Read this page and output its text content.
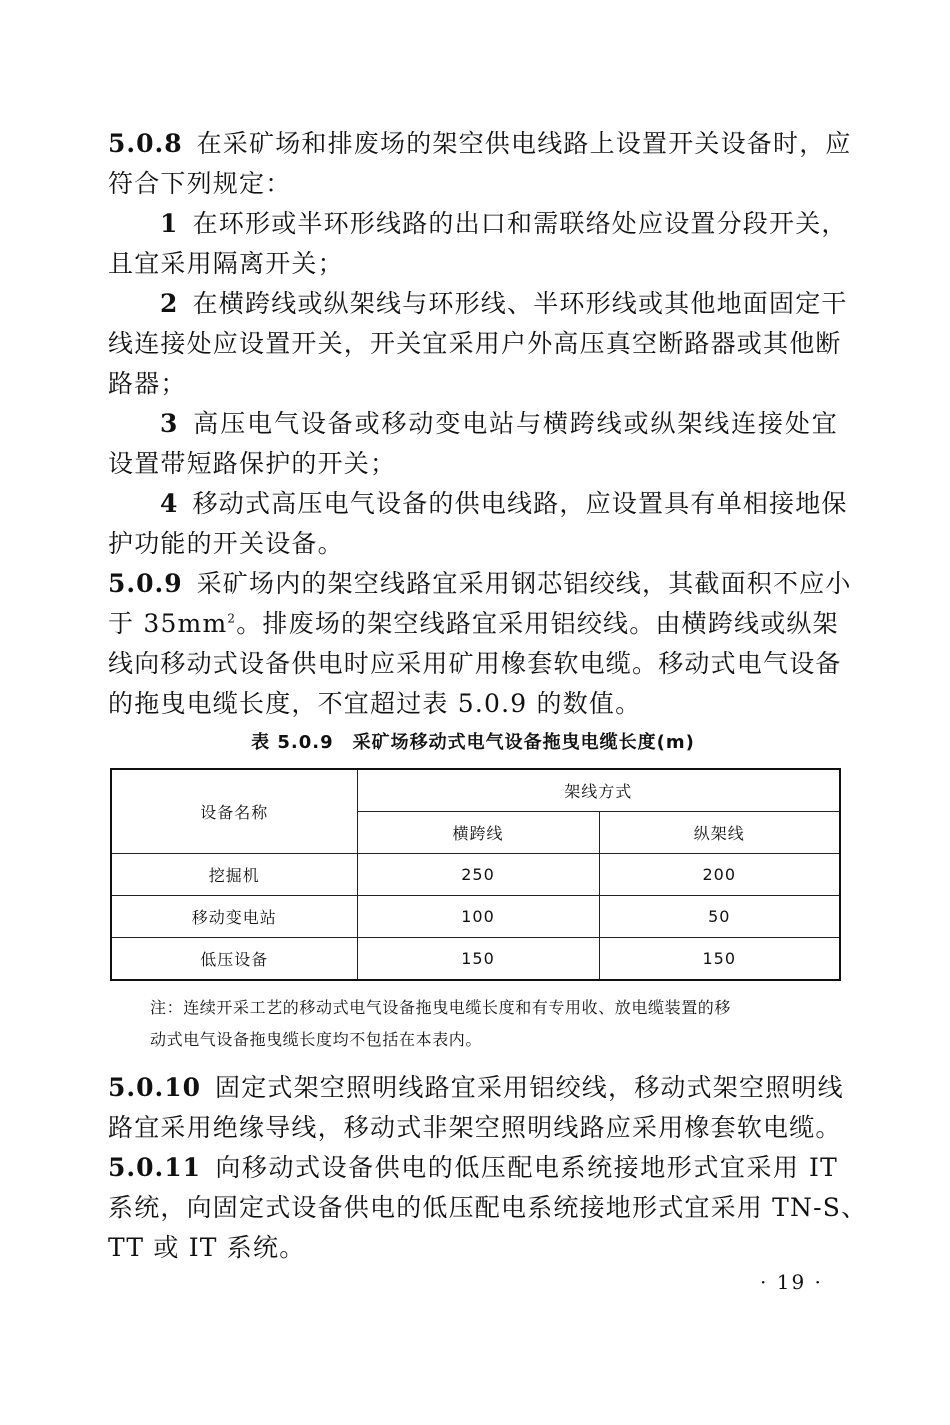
5.0.8 在采矿场和排废场的架空供电线路上设置开关设备时，应
符合下列规定：
1 在环形或半环形线路的出口和需联络处应设置分段开关，
且宜采用隔离开关；
2 在横跨线或纵架线与环形线、半环形线或其他地面固定干
线连接处应设置开关，开关宜采用户外高压真空断路器或其他断
路器；
3 高压电气设备或移动变电站与横跨线或纵架线连接处宜
设置带短路保护的开关；
4 移动式高压电气设备的供电线路，应设置具有单相接地保
护功能的开关设备。
5.0.9 采矿场内的架空线路宜采用钢芯铝绞线，其截面积不应小
于 $35mm^2$。排废场的架空线路宜采用铝绞线。由横跨线或纵架
线向移动式设备供电时应采用矿用橡套软电缆。移动式电气设备
的拖曳电缆长度，不宜超过表 5.0.9 的数值。
表 5.0.9　采矿场移动式电气设备拖曳电缆长度(m)
设备名称	架线方式	
	横跨线	纵架线
挖掘机	250	200
移动变电站	100	50
低压设备	150	150
注：连续开采工艺的移动式电气设备拖曳电缆长度和有专用收、放电缆装置的移
动式电气设备拖曳缆长度均不包括在本表内。
5.0.10 固定式架空照明线路宜采用铝绞线，移动式架空照明线
路宜采用绝缘导线，移动式非架空照明线路应采用橡套软电缆。
5.0.11 向移动式设备供电的低压配电系统接地形式宜采用 IT
系统，向固定式设备供电的低压配电系统接地形式宜采用 TN-S、
TT 或 IT 系统。
· 19 ·
